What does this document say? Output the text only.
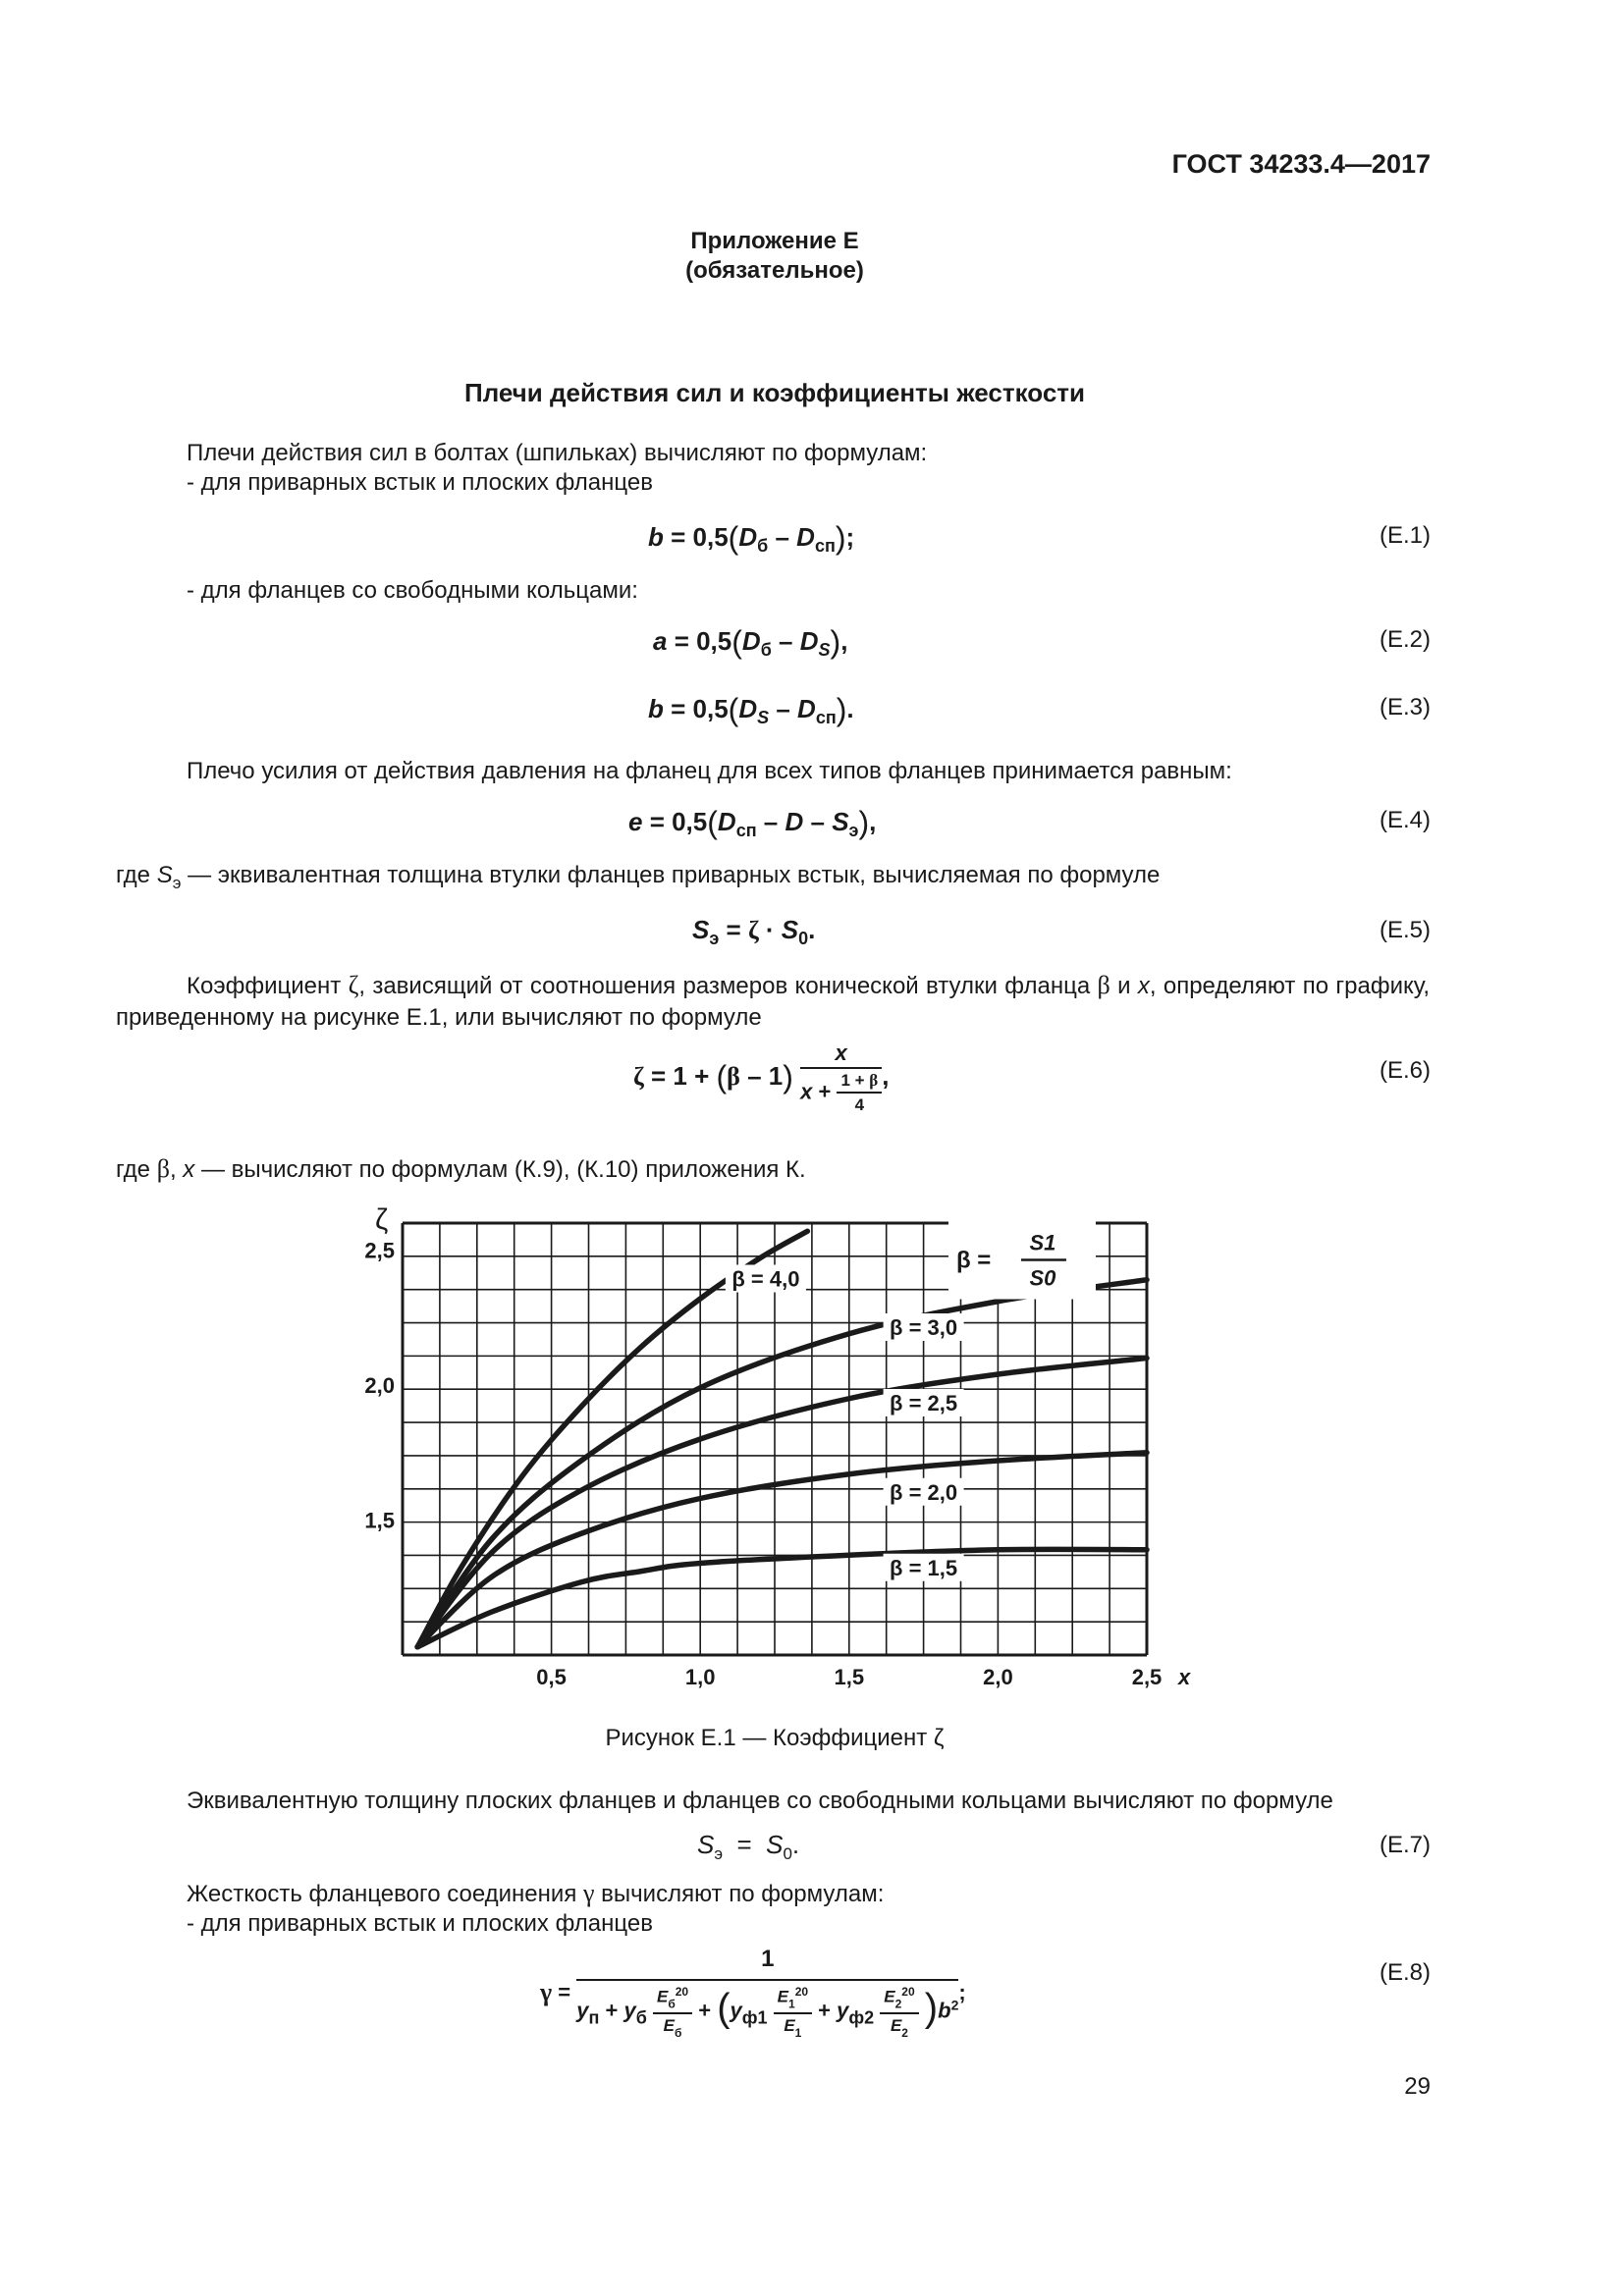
ГОСТ 34233.4—2017
Приложение Е
(обязательное)
Плечи действия сил и коэффициенты жесткости
Плечи действия сил в болтах (шпильках) вычисляют по формулам:
- для приварных встык и плоских фланцев
$b = 0,5(D_б - D_{сп})$;	(Е.1)
- для фланцев со свободными кольцами:
$a = 0,5(D_б - D_S)$,	(Е.2)
$b = 0,5(D_S - D_{сп})$.	(Е.3)
Плечо усилия от действия давления на фланец для всех типов фланцев принимается равным:
$e = 0,5(D_{сп} - D - S_э)$,	(Е.4)
где $S_э$ — эквивалентная толщина втулки фланцев приварных встык, вычисляемая по формуле
$S_э = \zeta \cdot S_0$.	(Е.5)
Коэффициент ζ, зависящий от соотношения размеров конической втулки фланца β и x, определяют по графику, приведенному на рисунке Е.1, или вычисляют по формуле
$\zeta = 1 + (\beta - 1) \frac{x}{x + \frac{1 + \beta}{4}}$ ,	(Е.6)
где β, x — вычисляют по формулам (К.9), (К.10) приложения К.
0,5	1,0	1,5	2,0	2,5 x
1,5
2,0
2,5
ζ
β = 4,0
β = 3,0
β = 2,5
β = 2,0
β = 1,5
β =
S1
S0
Рисунок Е.1 — Коэффициент ζ
Эквивалентную толщину плоских фланцев и фланцев со свободными кольцами вычисляют по формуле
$S_э = S_0$.	(Е.7)
Жесткость фланцевого соединения γ вычисляют по формулам:
- для приварных встык и плоских фланцев
γ =
1
$y_п + y_б \frac{E_б^{20}}{E_б} + (y_{ф1} \frac{E_1^{20}}{E_1} + y_{ф2} \frac{E_2^{20}}{E_2} )b^2$
;
(Е.8)
29
